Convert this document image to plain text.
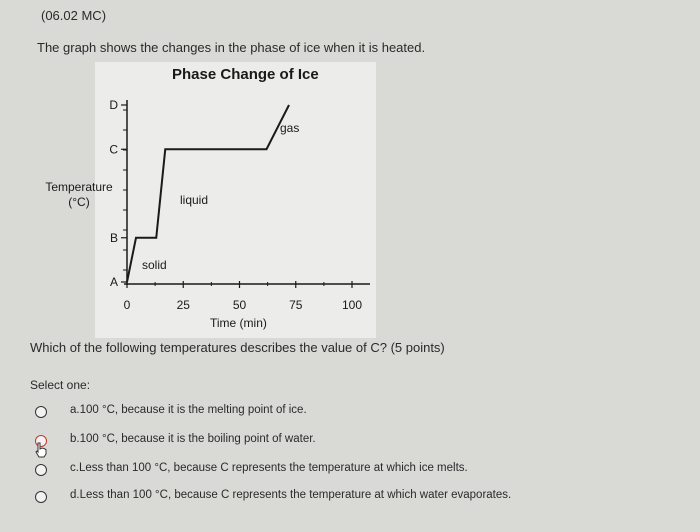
(06.02 MC)
The graph shows the changes in the phase of ice when it is heated.
A
B
C
D
0	25	50	75	100
Phase Change of Ice
Temperature (°C)
Time (min)
solid
liquid
gas
Which of the following temperatures describes the value of C? (5 points)
Select one:
a.100 °C, because it is the melting point of ice.
b.100 °C, because it is the boiling point of water.
c.Less than 100 °C, because C represents the temperature at which ice melts.
d.Less than 100 °C, because C represents the temperature at which water evaporates.
